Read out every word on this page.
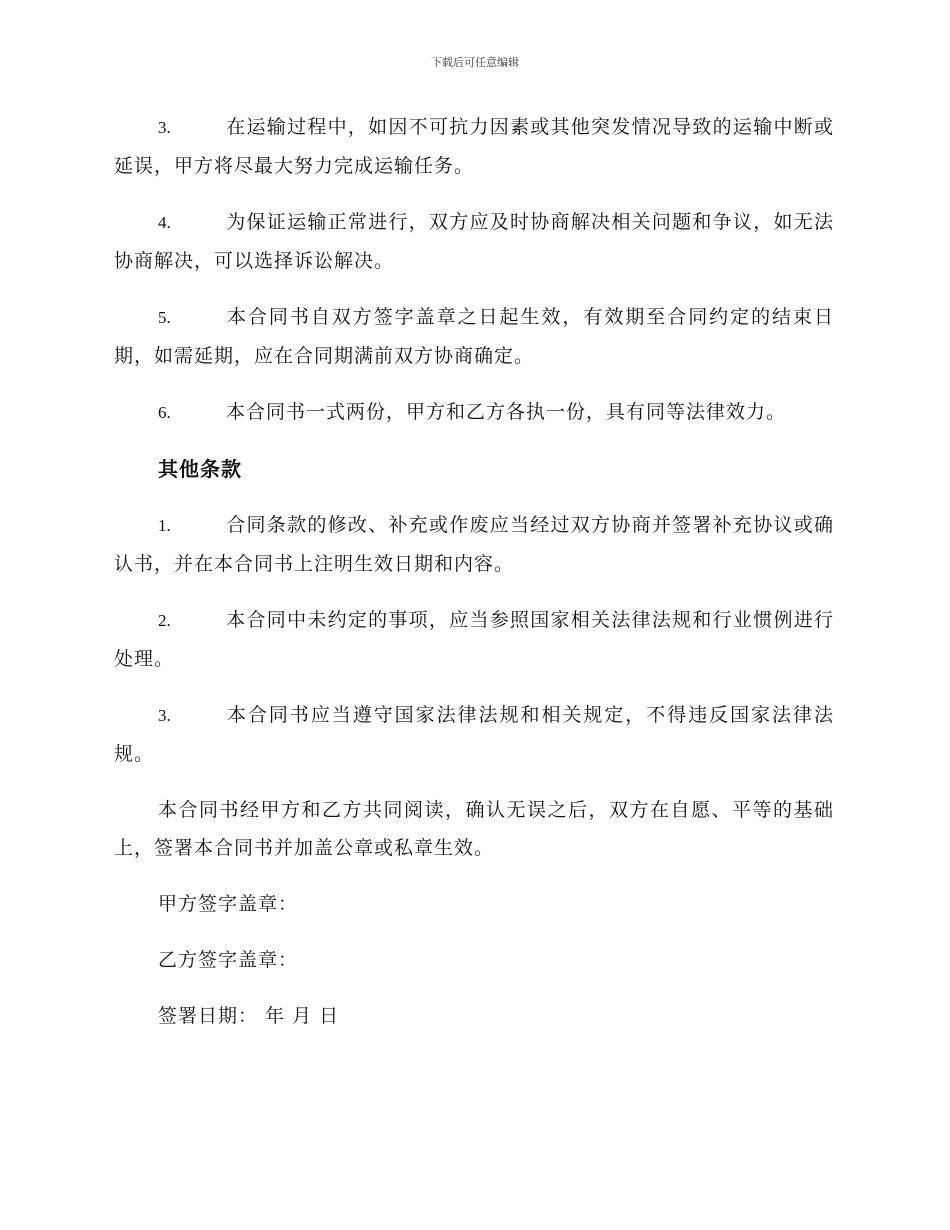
下载后可任意编辑

3.	在运输过程中，如因不可抗力因素或其他突发情况导致的运输中断或延误，甲方将尽最大努力完成运输任务。

4.	为保证运输正常进行，双方应及时协商解决相关问题和争议，如无法协商解决，可以选择诉讼解决。

5.	本合同书自双方签字盖章之日起生效，有效期至合同约定的结束日期，如需延期，应在合同期满前双方协商确定。

6.	本合同书一式两份，甲方和乙方各执一份，具有同等法律效力。

其他条款

1.	合同条款的修改、补充或作废应当经过双方协商并签署补充协议或确认书，并在本合同书上注明生效日期和内容。

2.	本合同中未约定的事项，应当参照国家相关法律法规和行业惯例进行处理。

3.	本合同书应当遵守国家法律法规和相关规定，不得违反国家法律法规。

本合同书经甲方和乙方共同阅读，确认无误之后，双方在自愿、平等的基础上，签署本合同书并加盖公章或私章生效。

甲方签字盖章：
乙方签字盖章：
签署日期： 年 月 日
